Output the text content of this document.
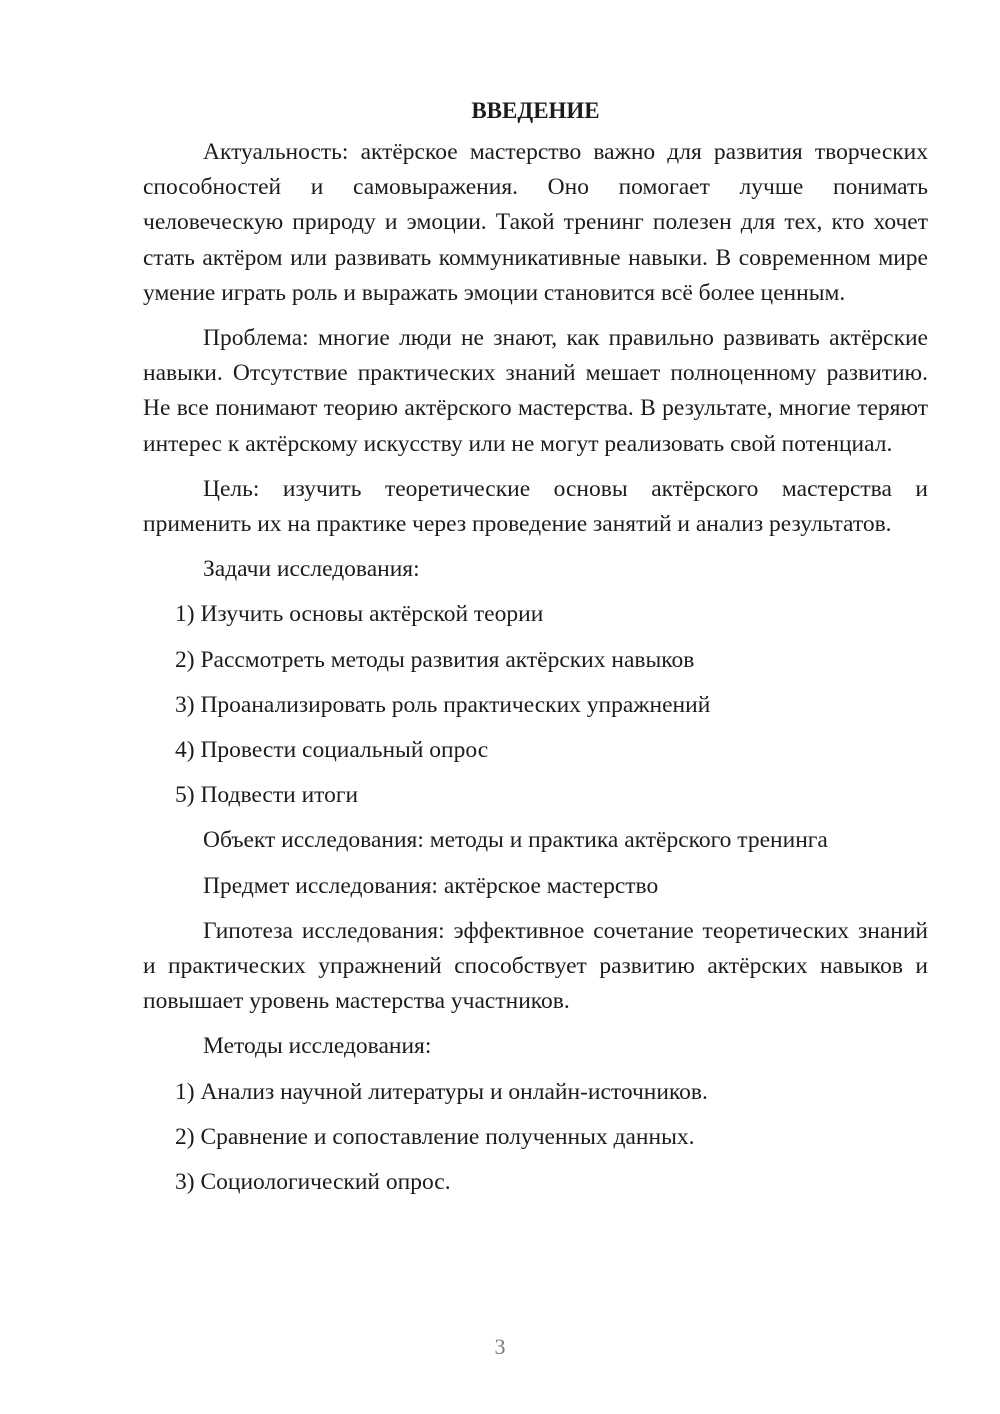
ВВЕДЕНИЕ

Актуальность: актёрское мастерство важно для развития творческих способностей и самовыражения. Оно помогает лучше понимать человеческую природу и эмоции. Такой тренинг полезен для тех, кто хочет стать актёром или развивать коммуникативные навыки. В современном мире умение играть роль и выражать эмоции становится всё более ценным.

Проблема: многие люди не знают, как правильно развивать актёрские навыки. Отсутствие практических знаний мешает полноценному развитию. Не все понимают теорию актёрского мастерства. В результате, многие теряют интерес к актёрскому искусству или не могут реализовать свой потенциал.

Цель: изучить теоретические основы актёрского мастерства и применить их на практике через проведение занятий и анализ результатов.

Задачи исследования:
1) Изучить основы актёрской теории
2) Рассмотреть методы развития актёрских навыков
3) Проанализировать роль практических упражнений
4) Провести социальный опрос
5) Подвести итоги
Объект исследования: методы и практика актёрского тренинга
Предмет исследования: актёрское мастерство

Гипотеза исследования: эффективное сочетание теоретических знаний и практических упражнений способствует развитию актёрских навыков и повышает уровень мастерства участников.

Методы исследования:
1) Анализ научной литературы и онлайн-источников.
2) Сравнение и сопоставление полученных данных.
3) Социологический опрос.
3
